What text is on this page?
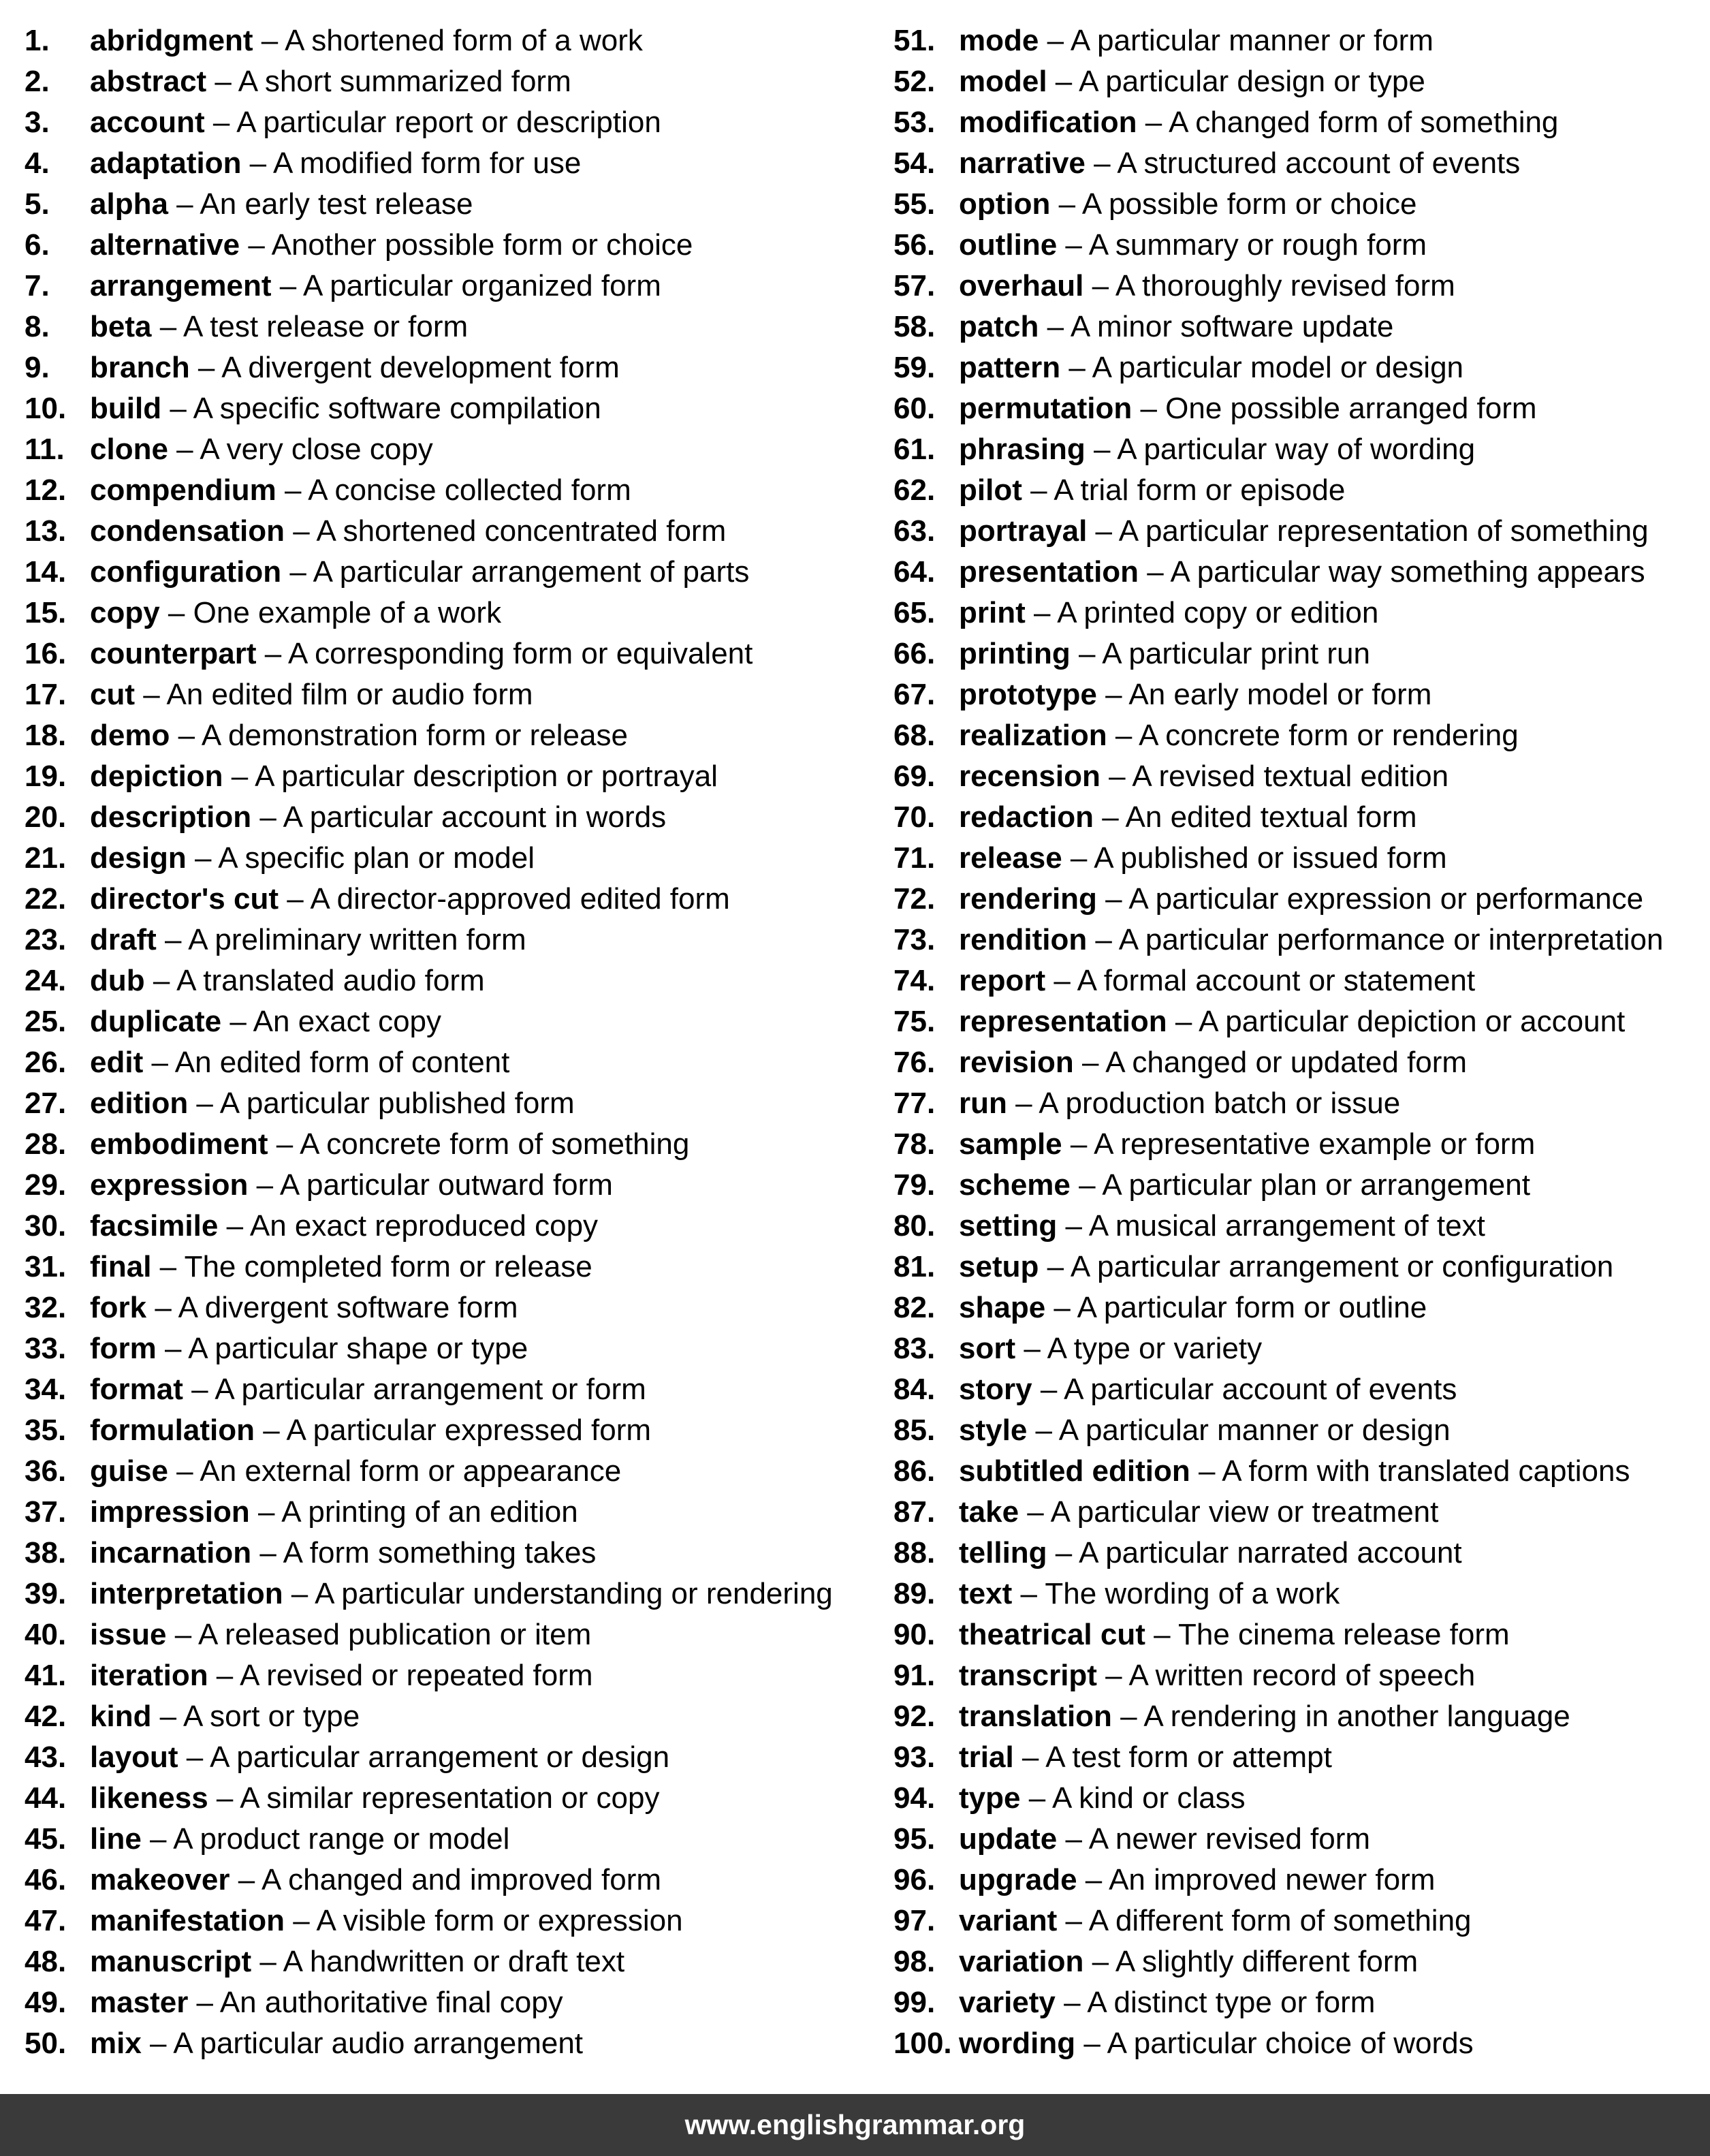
1. abridgment – A shortened form of a work
2. abstract – A short summarized form
3. account – A particular report or description
4. adaptation – A modified form for use
5. alpha – An early test release
6. alternative – Another possible form or choice
7. arrangement – A particular organized form
8. beta – A test release or form
9. branch – A divergent development form
10. build – A specific software compilation
11. clone – A very close copy
12. compendium – A concise collected form
13. condensation – A shortened concentrated form
14. configuration – A particular arrangement of parts
15. copy – One example of a work
16. counterpart – A corresponding form or equivalent
17. cut – An edited film or audio form
18. demo – A demonstration form or release
19. depiction – A particular description or portrayal
20. description – A particular account in words
21. design – A specific plan or model
22. director's cut – A director-approved edited form
23. draft – A preliminary written form
24. dub – A translated audio form
25. duplicate – An exact copy
26. edit – An edited form of content
27. edition – A particular published form
28. embodiment – A concrete form of something
29. expression – A particular outward form
30. facsimile – An exact reproduced copy
31. final – The completed form or release
32. fork – A divergent software form
33. form – A particular shape or type
34. format – A particular arrangement or form
35. formulation – A particular expressed form
36. guise – An external form or appearance
37. impression – A printing of an edition
38. incarnation – A form something takes
39. interpretation – A particular understanding or rendering
40. issue – A released publication or item
41. iteration – A revised or repeated form
42. kind – A sort or type
43. layout – A particular arrangement or design
44. likeness – A similar representation or copy
45. line – A product range or model
46. makeover – A changed and improved form
47. manifestation – A visible form or expression
48. manuscript – A handwritten or draft text
49. master – An authoritative final copy
50. mix – A particular audio arrangement
51. mode – A particular manner or form
52. model – A particular design or type
53. modification – A changed form of something
54. narrative – A structured account of events
55. option – A possible form or choice
56. outline – A summary or rough form
57. overhaul – A thoroughly revised form
58. patch – A minor software update
59. pattern – A particular model or design
60. permutation – One possible arranged form
61. phrasing – A particular way of wording
62. pilot – A trial form or episode
63. portrayal – A particular representation of something
64. presentation – A particular way something appears
65. print – A printed copy or edition
66. printing – A particular print run
67. prototype – An early model or form
68. realization – A concrete form or rendering
69. recension – A revised textual edition
70. redaction – An edited textual form
71. release – A published or issued form
72. rendering – A particular expression or performance
73. rendition – A particular performance or interpretation
74. report – A formal account or statement
75. representation – A particular depiction or account
76. revision – A changed or updated form
77. run – A production batch or issue
78. sample – A representative example or form
79. scheme – A particular plan or arrangement
80. setting – A musical arrangement of text
81. setup – A particular arrangement or configuration
82. shape – A particular form or outline
83. sort – A type or variety
84. story – A particular account of events
85. style – A particular manner or design
86. subtitled edition – A form with translated captions
87. take – A particular view or treatment
88. telling – A particular narrated account
89. text – The wording of a work
90. theatrical cut – The cinema release form
91. transcript – A written record of speech
92. translation – A rendering in another language
93. trial – A test form or attempt
94. type – A kind or class
95. update – A newer revised form
96. upgrade – An improved newer form
97. variant – A different form of something
98. variation – A slightly different form
99. variety – A distinct type or form
100. wording – A particular choice of words
www.englishgrammar.org
